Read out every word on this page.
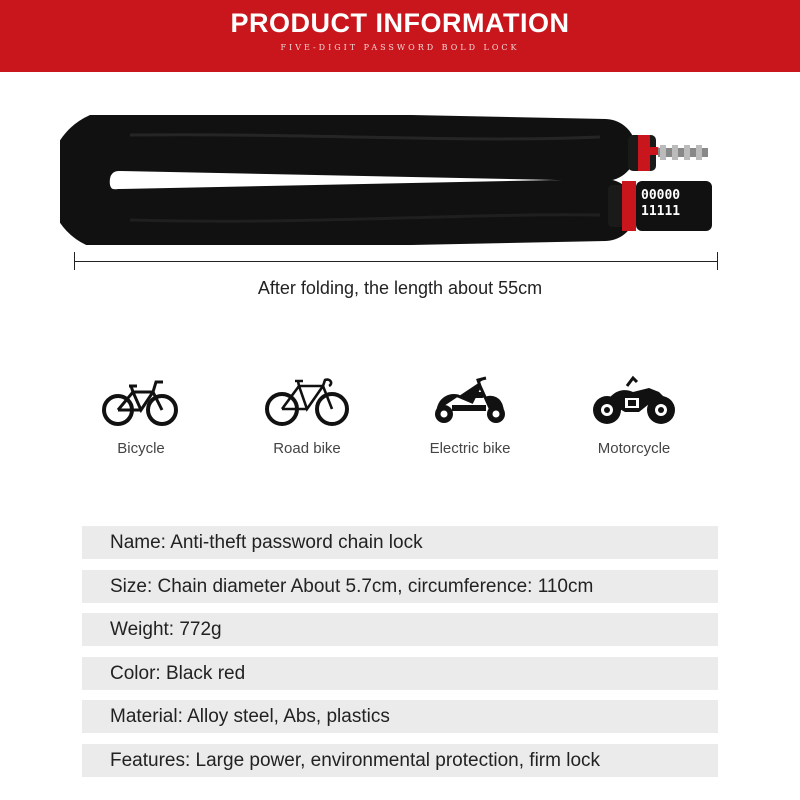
PRODUCT INFORMATION
FIVE-DIGIT PASSWORD BOLD LOCK
00000
11111
After folding, the length about 55cm
Bicycle	Road bike	Electric bike	Motorcycle
Name: Anti-theft password chain lock
Size: Chain diameter About 5.7cm, circumference: 110cm
Weight: 772g
Color: Black red
Material: Alloy steel, Abs, plastics
Features: Large power, environmental protection, firm lock
